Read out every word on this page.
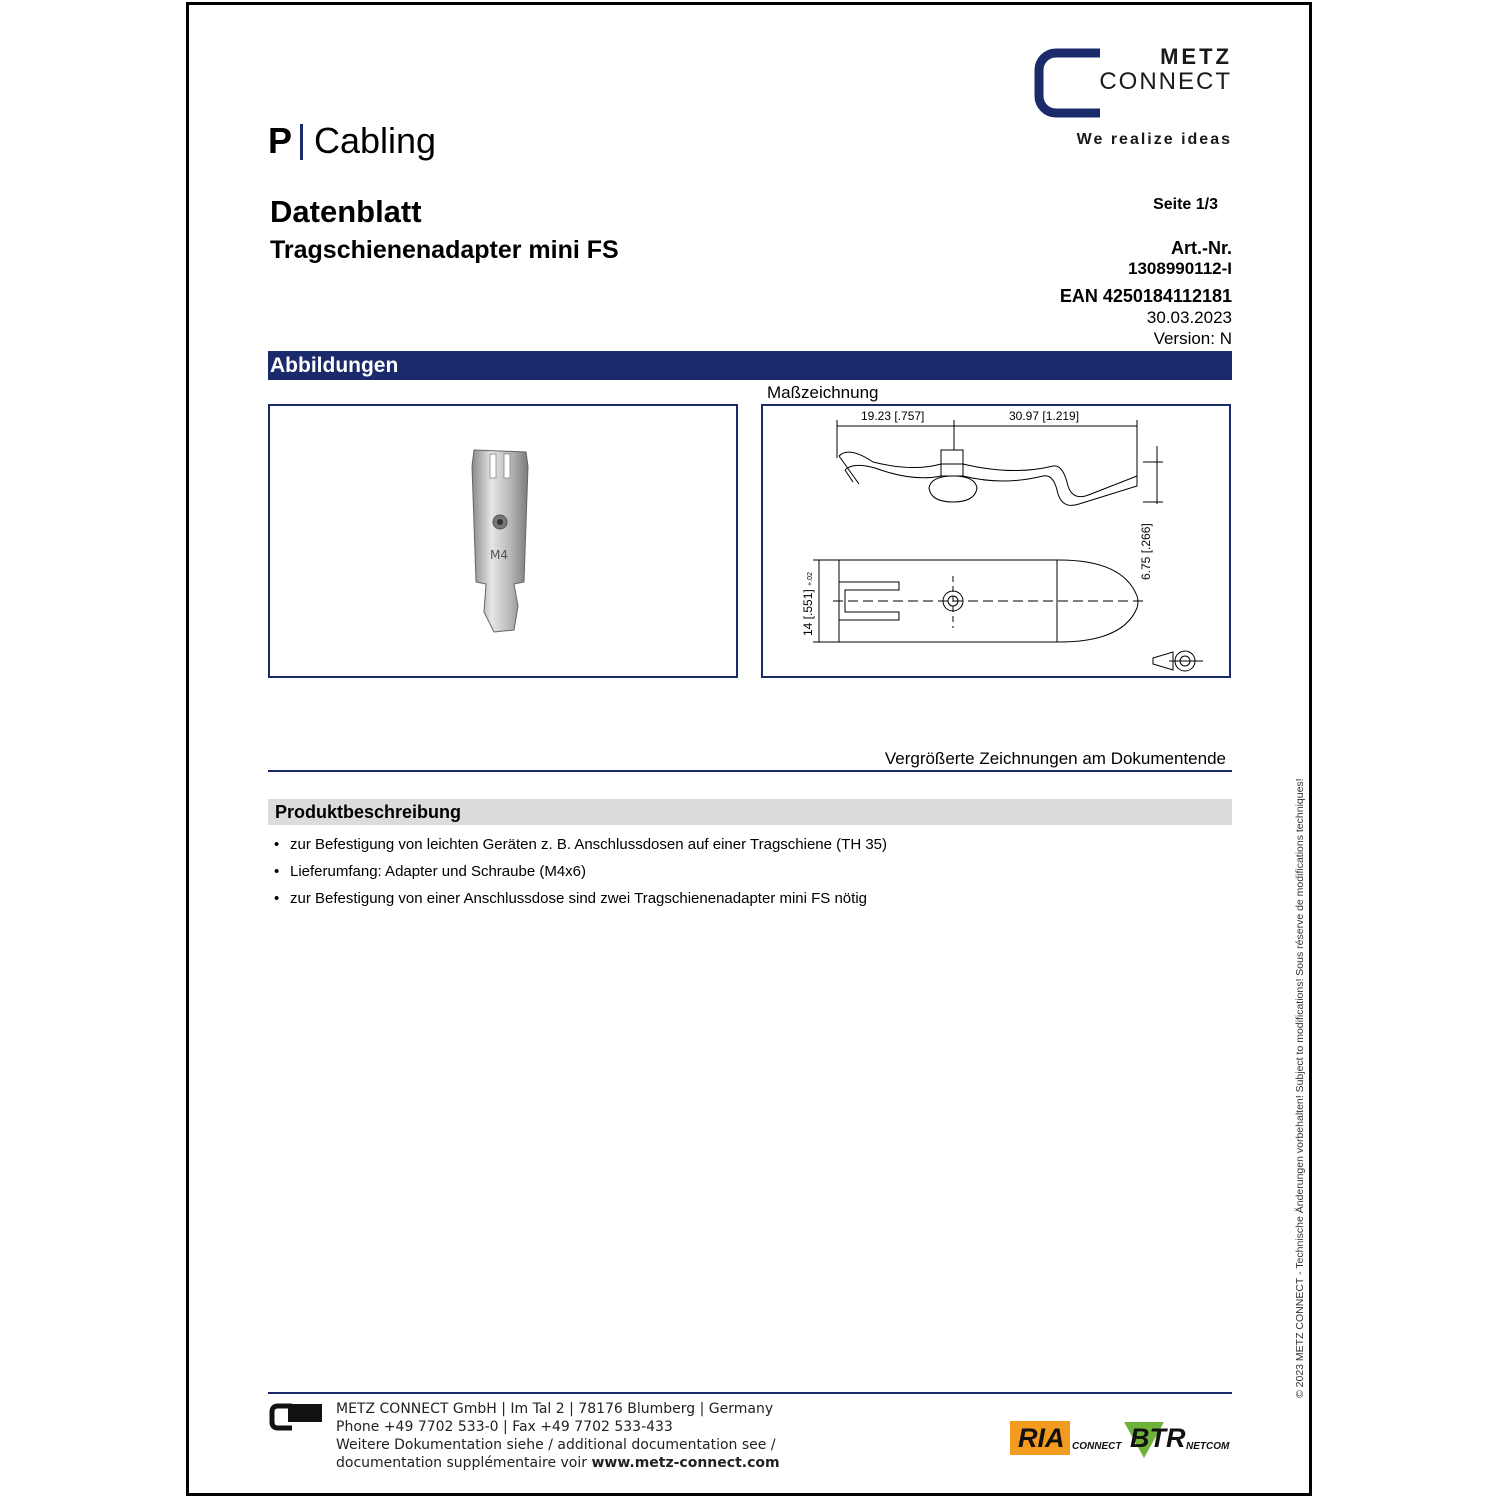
METZ
CONNECT
We realize ideas
P Cabling
Datenblatt
Tragschienenadapter mini FS
Seite 1/3
Art.-Nr.
1308990112-I
EAN 4250184112181
30.03.2023
Version: N
Abbildungen
Maßzeichnung
M4
19.23 [.757]	30.97 [1.219]
6.75 [.266]
14 [.551] +.02
Vergrößerte Zeichnungen am Dokumentende
Produktbeschreibung
• zur Befestigung von leichten Geräten z. B. Anschlussdosen auf einer Tragschiene (TH 35)
• Lieferumfang: Adapter und Schraube (M4x6)
• zur Befestigung von einer Anschlussdose sind zwei Tragschienenadapter mini FS nötig	© 2023 METZ CONNECT - Technische Änderungen vorbehalten! Subject to modifications! Sous réserve de modifications techniques!
METZ CONNECT GmbH | Im Tal 2 | 78176 Blumberg | Germany
Phone +49 7702 533-0 | Fax +49 7702 533-433
Weitere Dokumentation siehe / additional documentation see /
documentation supplémentaire voir www.metz-connect.com
RIA CONNECT BTR NETCOM
